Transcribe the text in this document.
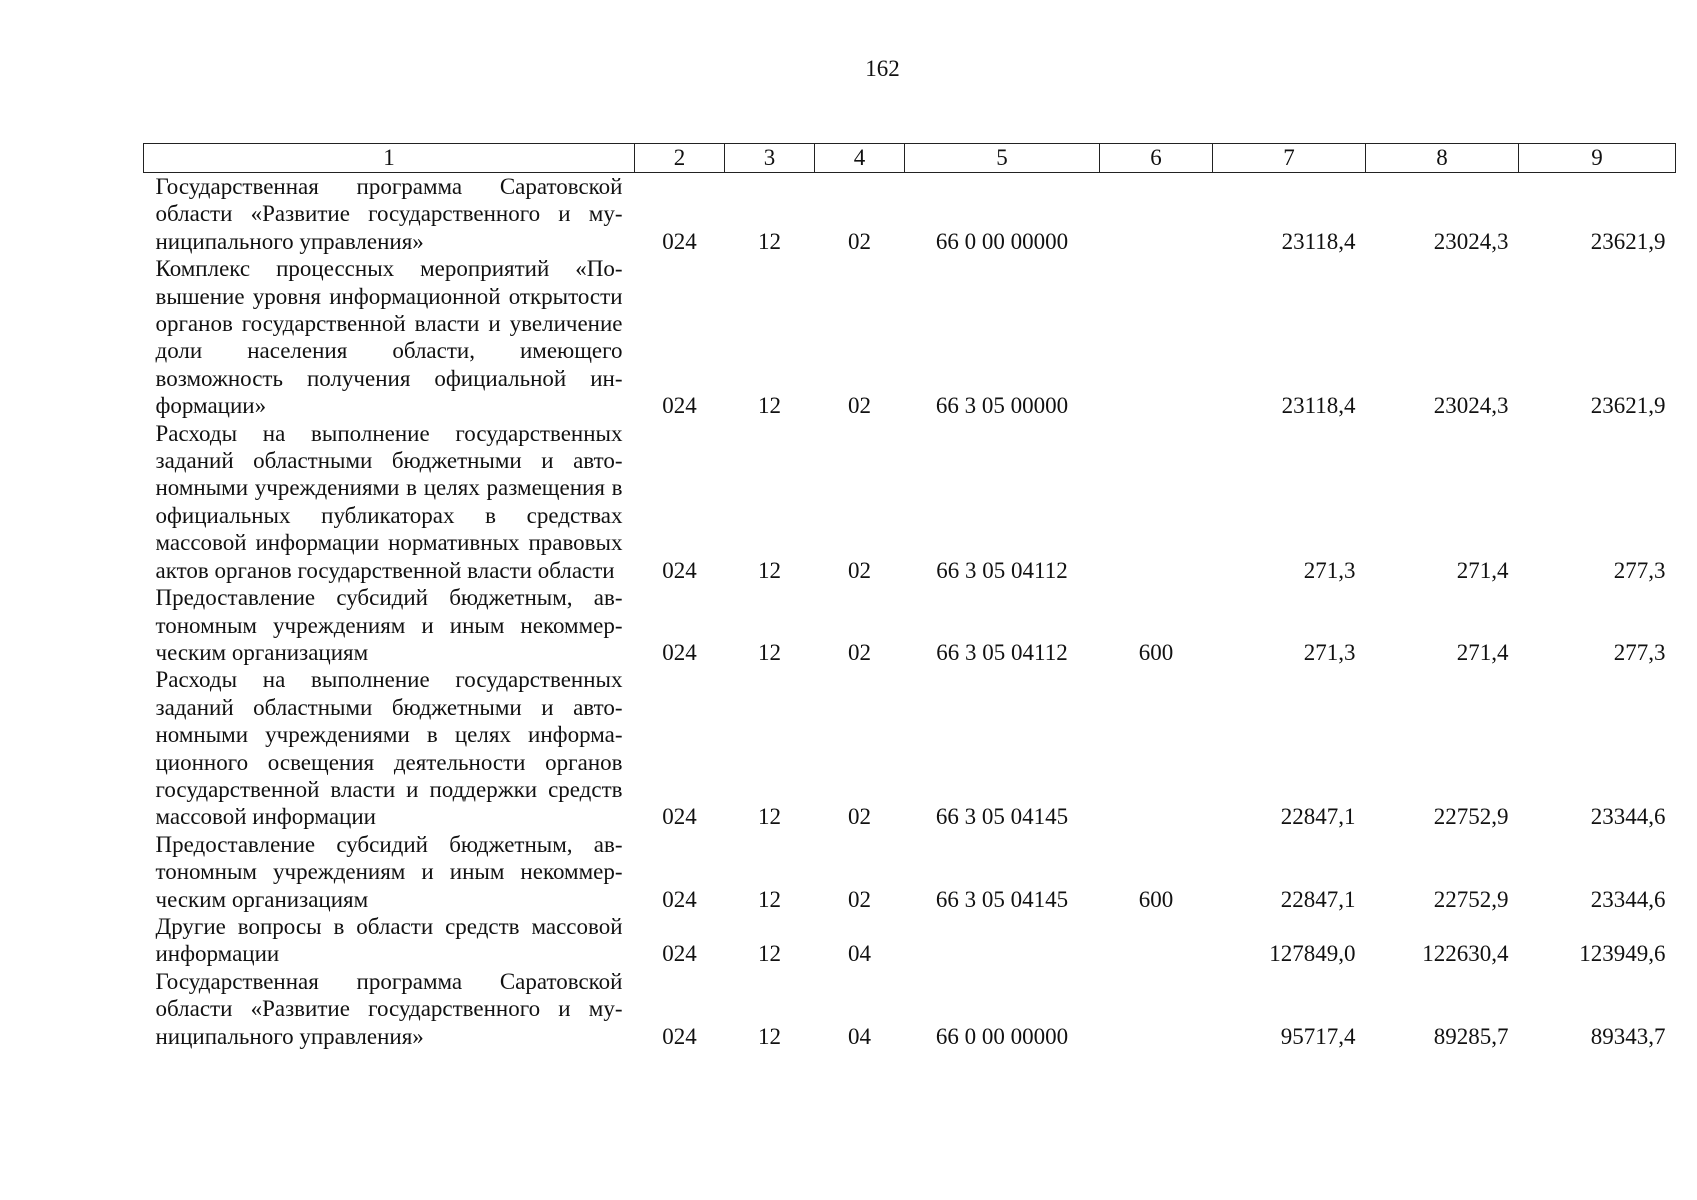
162
1	2	3	4	5	6	7	8	9
Государственная программа Саратовской области «Развитие государственного и муниципального управления»	024	12	02	66 0 00 00000		23118,4	23024,3	23621,9
Комплекс процессных мероприятий «Повышение уровня информационной открытости органов государственной власти и увеличение доли населения области, имеющего возможность получения официальной информации»	024	12	02	66 3 05 00000		23118,4	23024,3	23621,9
Расходы на выполнение государственных заданий областными бюджетными и автономными учреждениями в целях размещения в официальных публикаторах в средствах массовой информации нормативных правовых актов органов государственной власти области	024	12	02	66 3 05 04112		271,3	271,4	277,3
Предоставление субсидий бюджетным, автономным учреждениям и иным некоммерческим организациям	024	12	02	66 3 05 04112	600	271,3	271,4	277,3
Расходы на выполнение государственных заданий областными бюджетными и автономными учреждениями в целях информационного освещения деятельности органов государственной власти и поддержки средств массовой информации	024	12	02	66 3 05 04145		22847,1	22752,9	23344,6
Предоставление субсидий бюджетным, автономным учреждениям и иным некоммерческим организациям	024	12	02	66 3 05 04145	600	22847,1	22752,9	23344,6
Другие вопросы в области средств массовой информации	024	12	04			127849,0	122630,4	123949,6
Государственная программа Саратовской области «Развитие государственного и муниципального управления»	024	12	04	66 0 00 00000		95717,4	89285,7	89343,7
